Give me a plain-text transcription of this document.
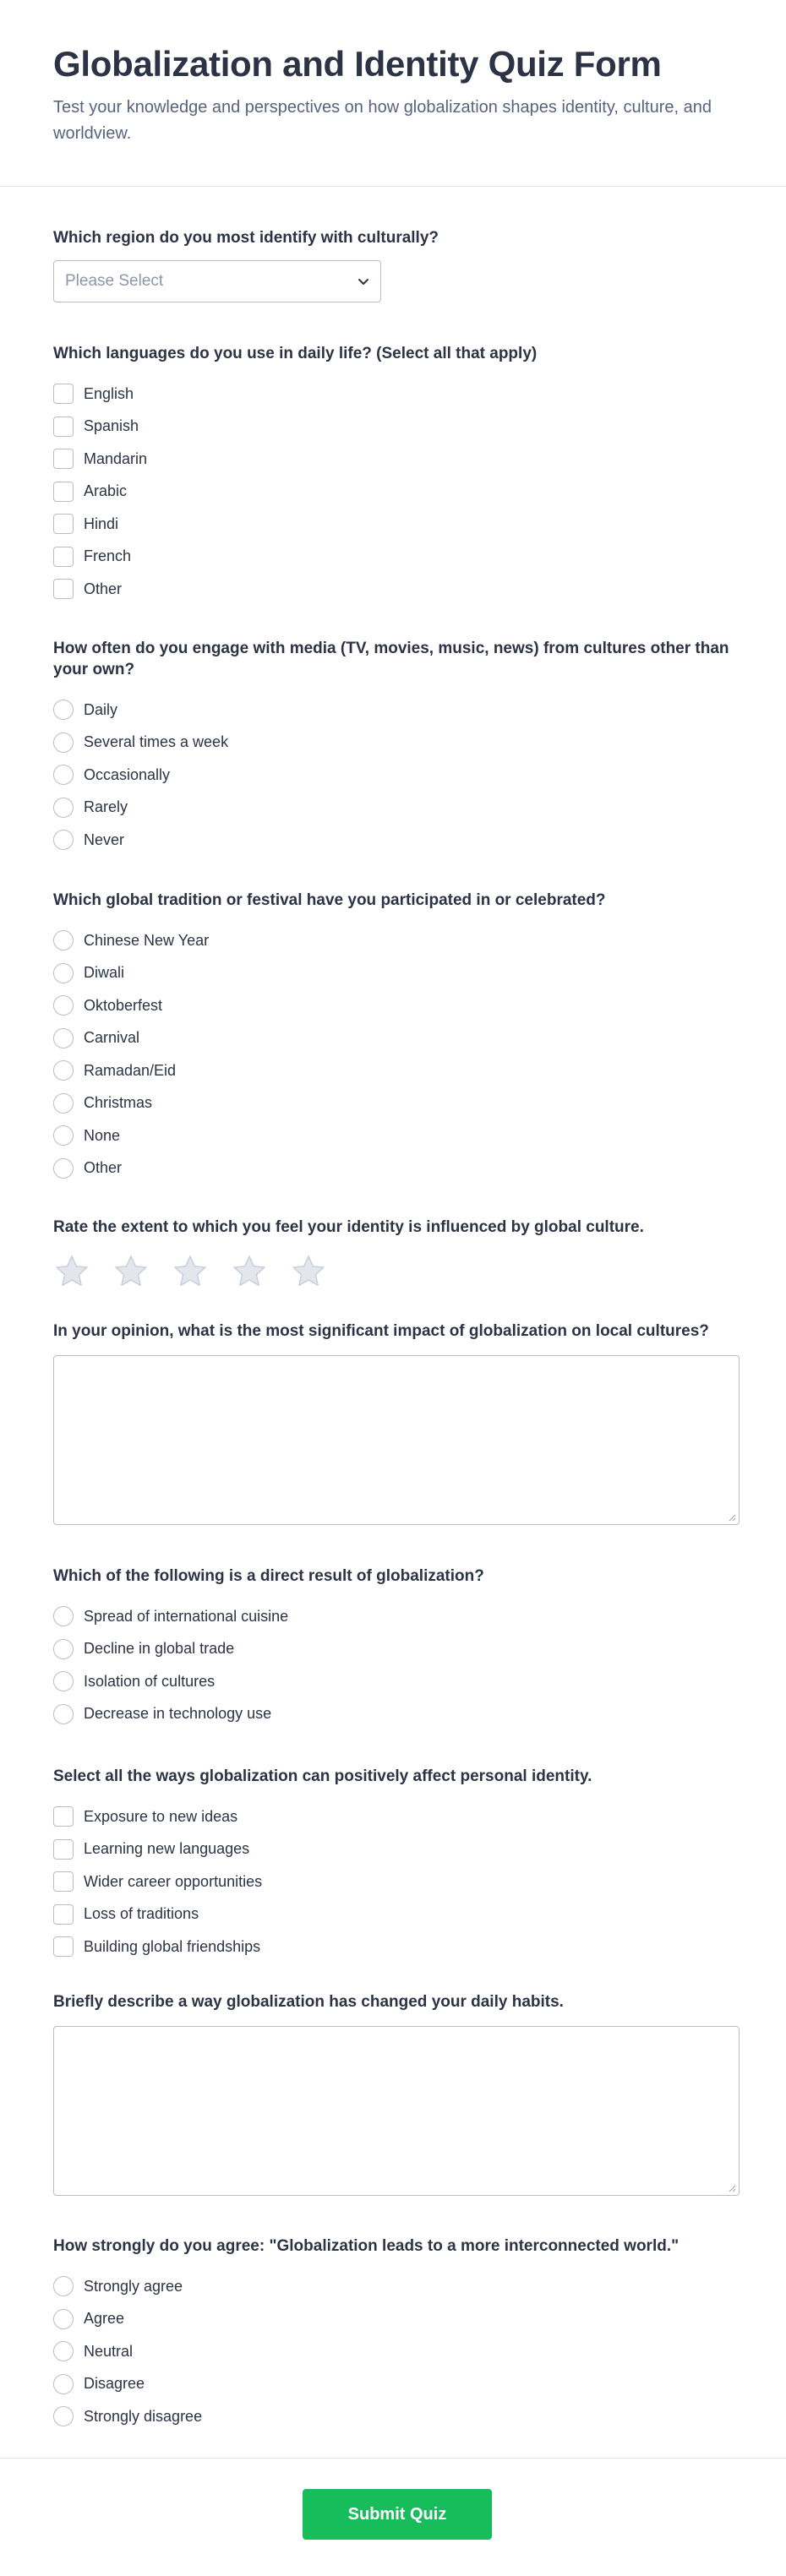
Globalization and Identity Quiz Form

Test your knowledge and perspectives on how globalization shapes identity, culture, and worldview.

Which region do you most identify with culturally?
Please Select
Which languages do you use in daily life? (Select all that apply)
English
Spanish
Mandarin
Arabic
Hindi
French
Other
How often do you engage with media (TV, movies, music, news) from cultures other than your own?
Daily
Several times a week
Occasionally
Rarely
Never
Which global tradition or festival have you participated in or celebrated?
Chinese New Year
Diwali
Oktoberfest
Carnival
Ramadan/Eid
Christmas
None
Other
Rate the extent to which you feel your identity is influenced by global culture.
In your opinion, what is the most significant impact of globalization on local cultures?
Which of the following is a direct result of globalization?
Spread of international cuisine
Decline in global trade
Isolation of cultures
Decrease in technology use
Select all the ways globalization can positively affect personal identity.
Exposure to new ideas
Learning new languages
Wider career opportunities
Loss of traditions
Building global friendships
Briefly describe a way globalization has changed your daily habits.
How strongly do you agree: "Globalization leads to a more interconnected world."
Strongly agree
Agree
Neutral
Disagree
Strongly disagree
Submit Quiz
